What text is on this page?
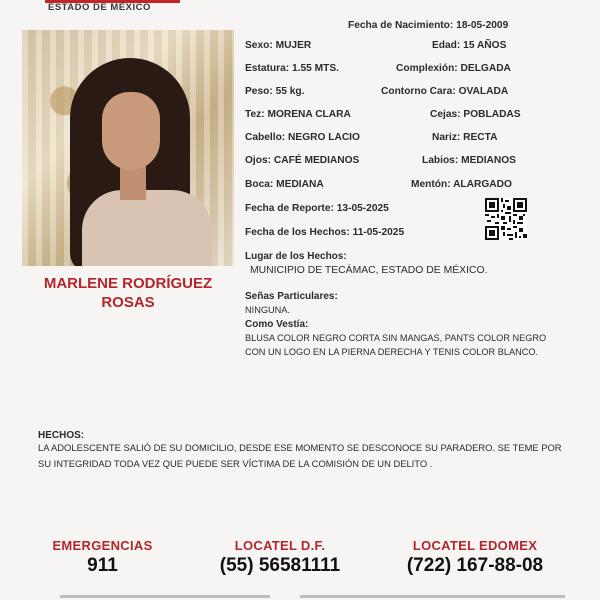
ESTADO DE MÉXICO
MARLENE RODRÍGUEZ
ROSAS
Fecha de Nacimiento: 18-05-2009
Sexo: MUJER	Edad: 15 AÑOS
Estatura: 1.55 MTS.	Complexión: DELGADA
Peso: 55 kg.	Contorno Cara: OVALADA
Tez: MORENA CLARA	Cejas: POBLADAS
Cabello: NEGRO LACIO	Nariz: RECTA
Ojos: CAFÉ MEDIANOS	Labios: MEDIANOS
Boca: MEDIANA	Mentón: ALARGADO
Fecha de Reporte: 13-05-2025
Fecha de los Hechos: 11-05-2025
Lugar de los Hechos:
MUNICIPIO DE TECÁMAC, ESTADO DE MÉXICO.
Señas Particulares:
NINGUNA.
Como Vestía:
BLUSA COLOR NEGRO CORTA SIN MANGAS, PANTS COLOR NEGRO
CON UN LOGO EN LA PIERNA DERECHA Y TENIS COLOR BLANCO.
HECHOS:
LA ADOLESCENTE SALIÓ DE SU DOMICILIO, DESDE ESE MOMENTO SE DESCONOCE SU PARADERO. SE TEME POR
SU INTEGRIDAD TODA VEZ QUE PUEDE SER VÍCTIMA DE LA COMISIÓN DE UN DELITO .
EMERGENCIAS
911
LOCATEL D.F.
(55) 56581111
LOCATEL EDOMEX
(722) 167-88-08
